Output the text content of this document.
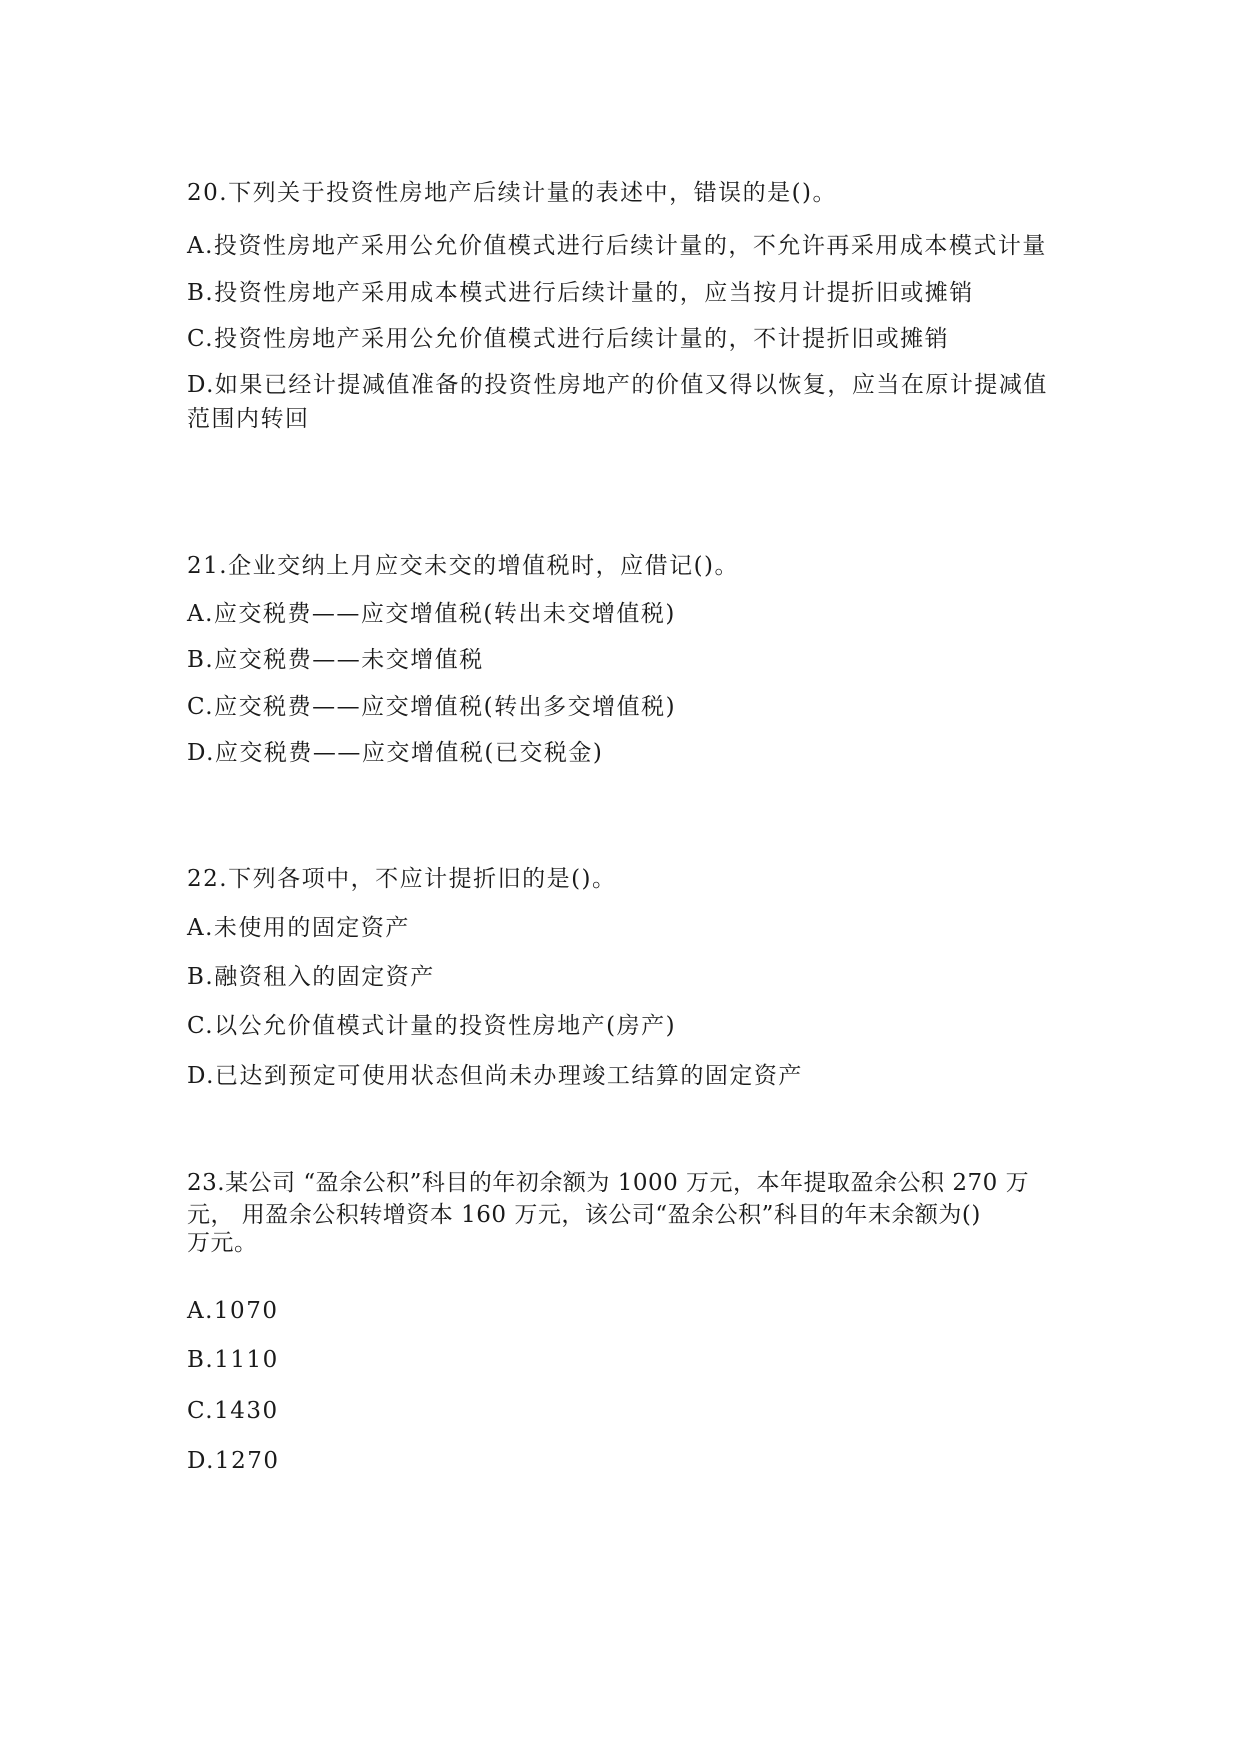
20.下列关于投资性房地产后续计量的表述中，错误的是()。
A.投资性房地产采用公允价值模式进行后续计量的，不允许再采用成本模式计量
B.投资性房地产采用成本模式进行后续计量的，应当按月计提折旧或摊销
C.投资性房地产采用公允价值模式进行后续计量的，不计提折旧或摊销
D.如果已经计提减值准备的投资性房地产的价值又得以恢复，应当在原计提减值
范围内转回
21.企业交纳上月应交未交的增值税时，应借记()。
A.应交税费——应交增值税(转出未交增值税)
B.应交税费——未交增值税
C.应交税费——应交增值税(转出多交增值税)
D.应交税费——应交增值税(已交税金)
22.下列各项中，不应计提折旧的是()。
A.未使用的固定资产
B.融资租入的固定资产
C.以公允价值模式计量的投资性房地产(房产)
D.已达到预定可使用状态但尚未办理竣工结算的固定资产
23.某公司 “盈余公积”科目的年初余额为 1000 万元，本年提取盈余公积 270 万
元， 用盈余公积转增资本 160 万元，该公司“盈余公积”科目的年末余额为()
万元。
A.1070
B.1110
C.1430
D.1270
